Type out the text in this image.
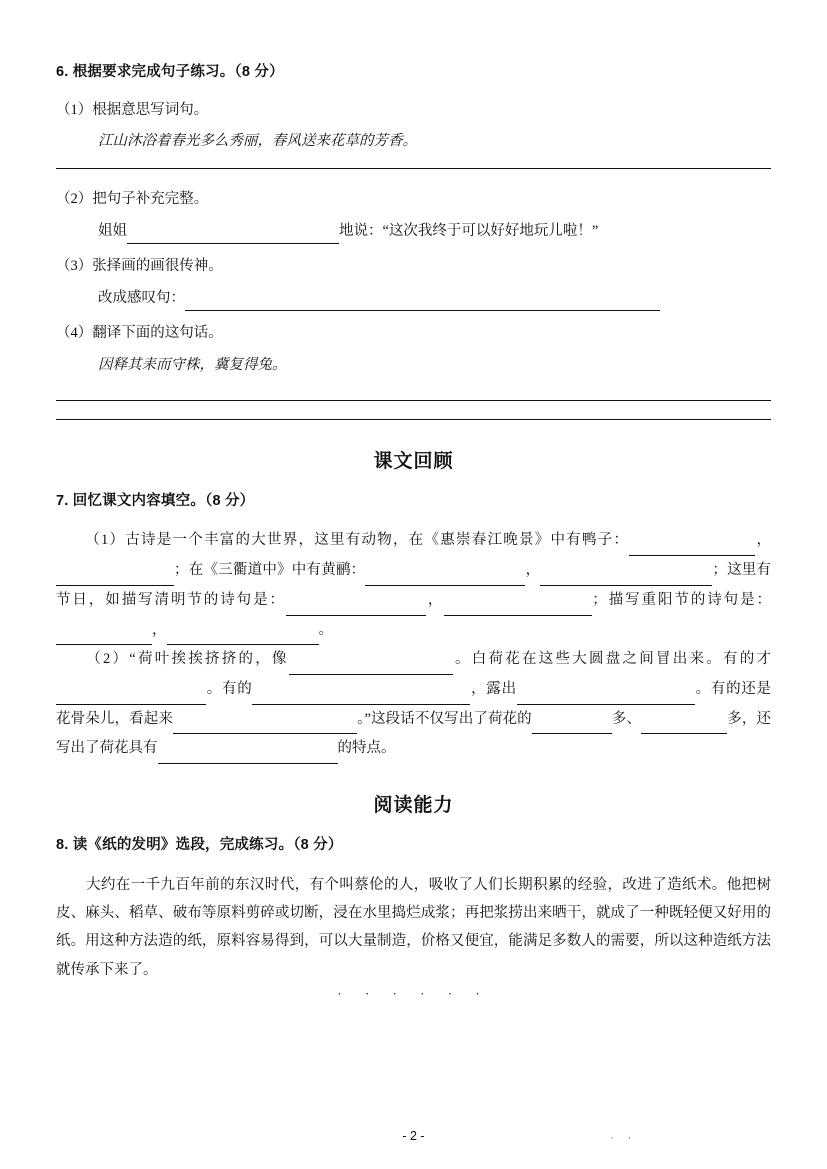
6. 根据要求完成句子练习。（8 分）
（1）根据意思写词句。
江山沐浴着春光多么秀丽，春风送来花草的芳香。
（2）把句子补充完整。
姐姐	地说：“这次我终于可以好好地玩儿啦！”
（3）张择画的画很传神。
改成感叹句：
（4）翻译下面的这句话。
因释其耒而守株，冀复得兔。
课文回顾
7. 回忆课文内容填空。（8 分）
（1）古诗是一个丰富的大世界，这里有动物，在《惠崇春江晚景》中有鸭子：	，；在《三衢道中》中有黄鹂：	，	；这里有节日，如描写清明节的诗句是：	，	；描写重阳节的诗句是：，	。
（2）“荷叶挨挨挤挤的，像	。白荷花在这些大圆盘之间冒出来。有的才。有的	，露出	。有的还是花骨朵儿，看起来	。”这段话不仅写出了荷花的	多、	多，还写出了荷花具有	的特点。
阅读能力
8. 读《纸的发明》选段，完成练习。（8 分）

大约在一千九百年前的东汉时代，有个叫蔡伦的人，吸收了人们长期积累的经验，改进了造纸术。他把树皮、麻头、稻草、破布等原料剪碎或切断，浸在水里捣烂成浆；再把浆捞出来晒干，就成了一种既轻便又好用的纸。用这种方法造的纸，原料容易得到，可以大量制造，价格又便宜，能满足多数人的需要，所以这种造纸方法就传承下来了。

· · · · · ·
- 2 -	· ·
